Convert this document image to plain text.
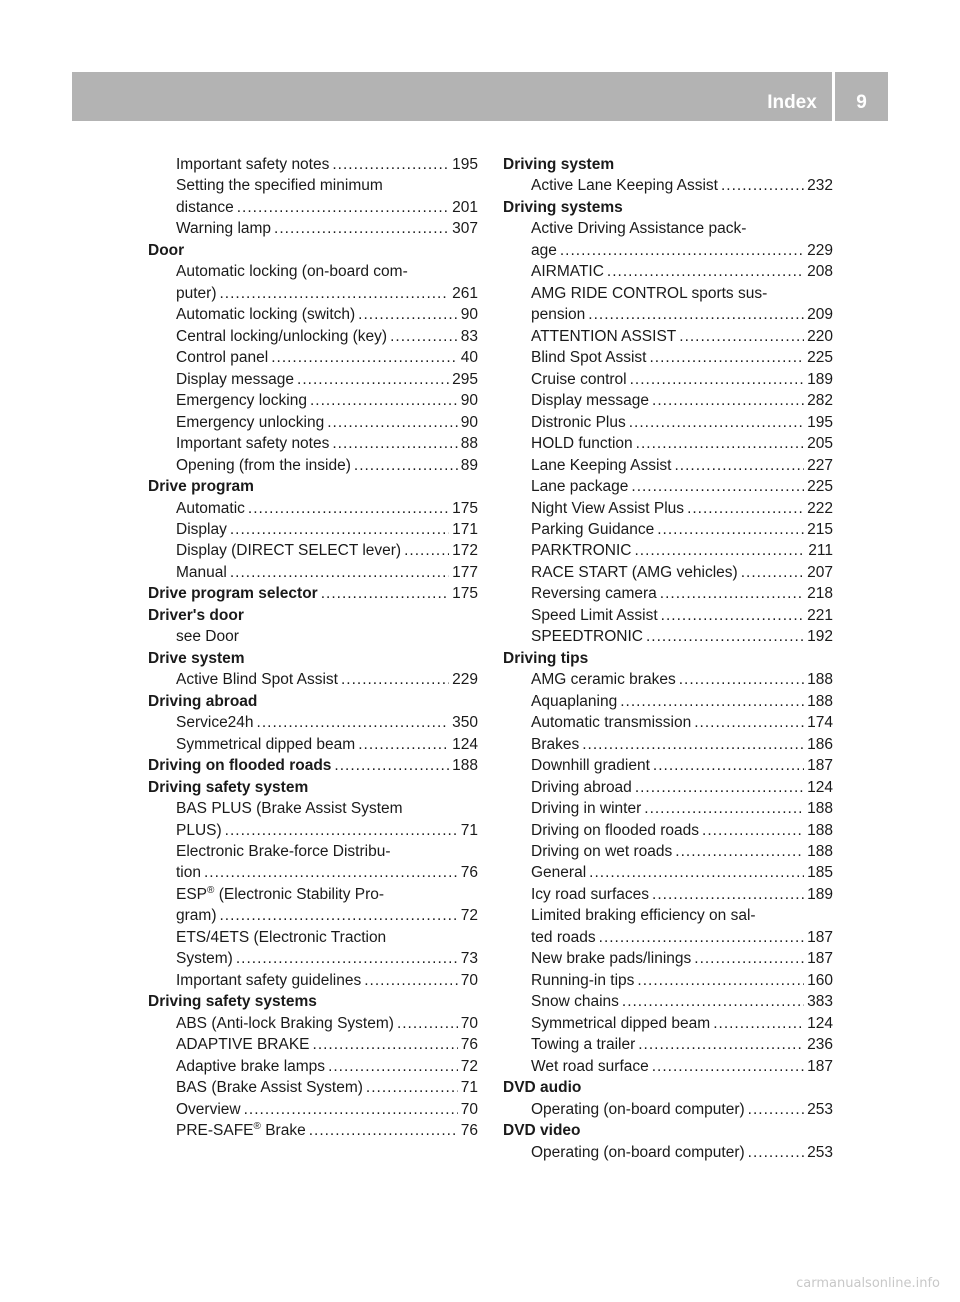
Index	9
Important safety notes .....	195
Setting the specified minimum
distance .....	201
Warning lamp .....	307
Door
Automatic locking (on-board com-
puter) .....	261
Automatic locking (switch) .....	90
Central locking/unlocking (key) .....	83
Control panel .....	40
Display message .....	295
Emergency locking .....	90
Emergency unlocking .....	90
Important safety notes .....	88
Opening (from the inside) .....	89
Drive program
Automatic .....	175
Display .....	171
Display (DIRECT SELECT lever) .....	172
Manual .....	177
Drive program selector .....	175
Driver's door
see Door
Drive system
Active Blind Spot Assist .....	229
Driving abroad
Service24h .....	350
Symmetrical dipped beam .....	124
Driving on flooded roads .....	188
Driving safety system
BAS PLUS (Brake Assist System
PLUS) .....	71
Electronic Brake-force Distribu-
tion .....	76
ESP® (Electronic Stability Pro-
gram) .....	72
ETS/4ETS (Electronic Traction
System) .....	73
Important safety guidelines .....	70
Driving safety systems
ABS (Anti-lock Braking System) .....	70
ADAPTIVE BRAKE .....	76
Adaptive brake lamps .....	72
BAS (Brake Assist System) .....	71
Overview .....	70
PRE-SAFE® Brake .....	76
Driving system
Active Lane Keeping Assist .....	232
Driving systems
Active Driving Assistance pack-
age .....	229
AIRMATIC .....	208
AMG RIDE CONTROL sports sus-
pension .....	209
ATTENTION ASSIST .....	220
Blind Spot Assist .....	225
Cruise control .....	189
Display message .....	282
Distronic Plus .....	195
HOLD function .....	205
Lane Keeping Assist .....	227
Lane package .....	225
Night View Assist Plus .....	222
Parking Guidance .....	215
PARKTRONIC .....	211
RACE START (AMG vehicles) .....	207
Reversing camera .....	218
Speed Limit Assist .....	221
SPEEDTRONIC .....	192
Driving tips
AMG ceramic brakes .....	188
Aquaplaning .....	188
Automatic transmission .....	174
Brakes .....	186
Downhill gradient .....	187
Driving abroad .....	124
Driving in winter .....	188
Driving on flooded roads .....	188
Driving on wet roads .....	188
General .....	185
Icy road surfaces .....	189
Limited braking efficiency on sal-
ted roads .....	187
New brake pads/linings .....	187
Running-in tips .....	160
Snow chains .....	383
Symmetrical dipped beam .....	124
Towing a trailer .....	236
Wet road surface .....	187
DVD audio
Operating (on-board computer) .....	253
DVD video
Operating (on-board computer) .....	253
carmanualsonline.info
